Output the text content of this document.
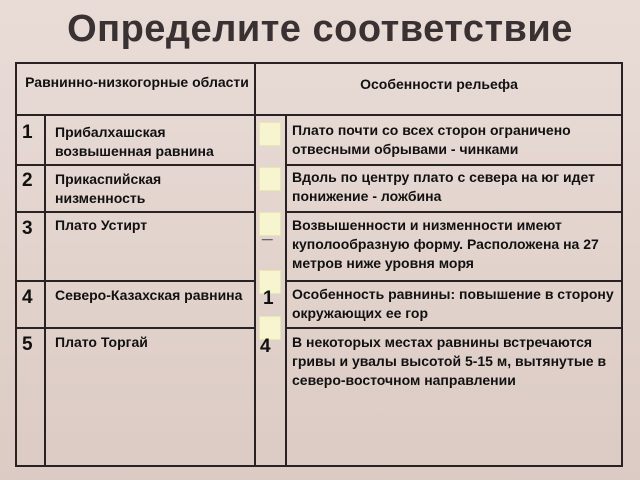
Определите соответствие
Равнинно-низкогорные области	Особенности рельефа
1
2
3
4
5
Прибалхашская возвышенная равнина
Прикаспийская низменность
Плато Устирт
Северо-Казахская равнина
Плато Торгай
_
1
4
Плато почти со всех сторон ограничено отвесными обрывами - чинками
Вдоль по центру плато с севера на юг идет понижение - ложбина
Возвышенности и низменности имеют куполообразную форму. Расположена на 27 метров ниже уровня моря
Особенность равнины: повышение в сторону окружающих ее гор
В некоторых местах равнины встречаются гривы и увалы высотой 5-15 м, вытянутые в северо-восточном направлении
